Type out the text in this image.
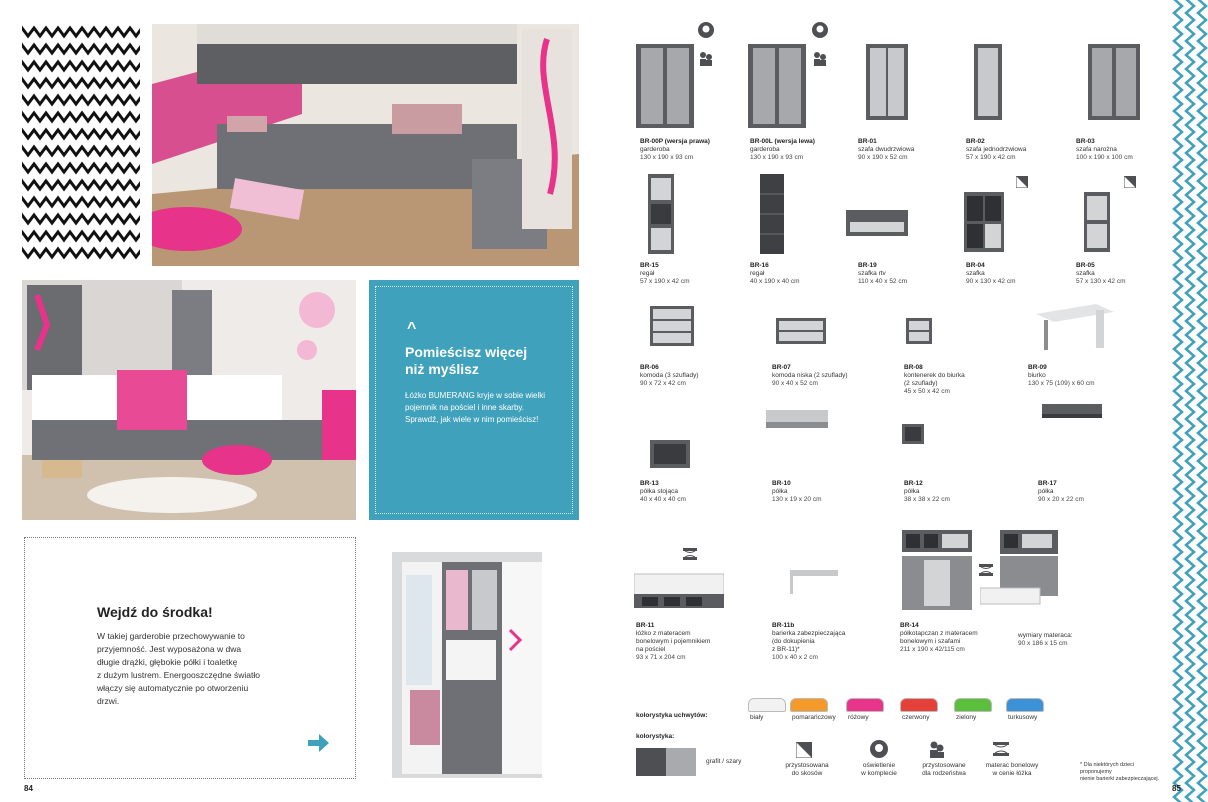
^
Pomieścisz więcej
niż myślisz
Łóżko BUMERANG kryje w sobie wielki pojemnik na pościel i inne skarby. Sprawdź, jak wiele w nim pomieścisz!
Wejdź do środka!
W takiej garderobie przechowywanie to
przyjemność. Jest wyposażona w dwa
długie drążki, głębokie półki i toaletkę
z dużym lustrem. Energooszczędne światło
włączy się automatycznie po otworzeniu
drzwi.
84
BR-00P (wersja prawa)
garderoba
130 x 190 x 93 cm
BR-00L (wersja lewa)
garderoba
130 x 190 x 93 cm
BR-01
szafa dwudrzwiowa
90 x 190 x 52 cm
BR-02
szafa jednodrzwiowa
57 x 190 x 42 cm
BR-03
szafa narożna
100 x 190 x 100 cm
BR-15
regał
57 x 190 x 42 cm
BR-16
regał
40 x 190 x 40 cm
BR-19
szafka rtv
110 x 40 x 52 cm
BR-04
szafka
90 x 130 x 42 cm
BR-05
szafka
57 x 130 x 42 cm
BR-06
komoda (3 szuflady)
90 x 72 x 42 cm
BR-07
komoda niska (2 szuflady)
90 x 40 x 52 cm
BR-08
kontenerek do biurka
(2 szuflady)
45 x 50 x 42 cm
BR-09
biurko
130 x 75 (109) x 60 cm
BR-13
półka stojąca
40 x 40 x 40 cm
BR-10
półka
130 x 19 x 20 cm
BR-12
półka
38 x 38 x 22 cm
BR-17
półka
90 x 20 x 22 cm
BR-11
łóżko z materacem
bonelowym i pojemnikiem
na pościel
93 x 71 x 204 cm
BR-11b
barierka zabezpieczająca
(do dokupienia
z BR-11)*
100 x 40 x 2 cm
BR-14
półkotapczan z materacem
bonelowym i szafami
211 x 190 x 42/115 cm
wymiary materaca:
90 x 186 x 15 cm
kolorystyka uchwytów:	biały	pomarańczowy różowy	czerwony	zielony	turkusowy
kolorystyka:
grafit / szary
przystosowana
do skosów
oświetlenie
w komplecie
przystosowane
dla rodzeństwa
materac bonelowy
w cenie łóżka
* Dla niektórych dzieci proponujemy
nienie barierki zabezpieczającej.
85
